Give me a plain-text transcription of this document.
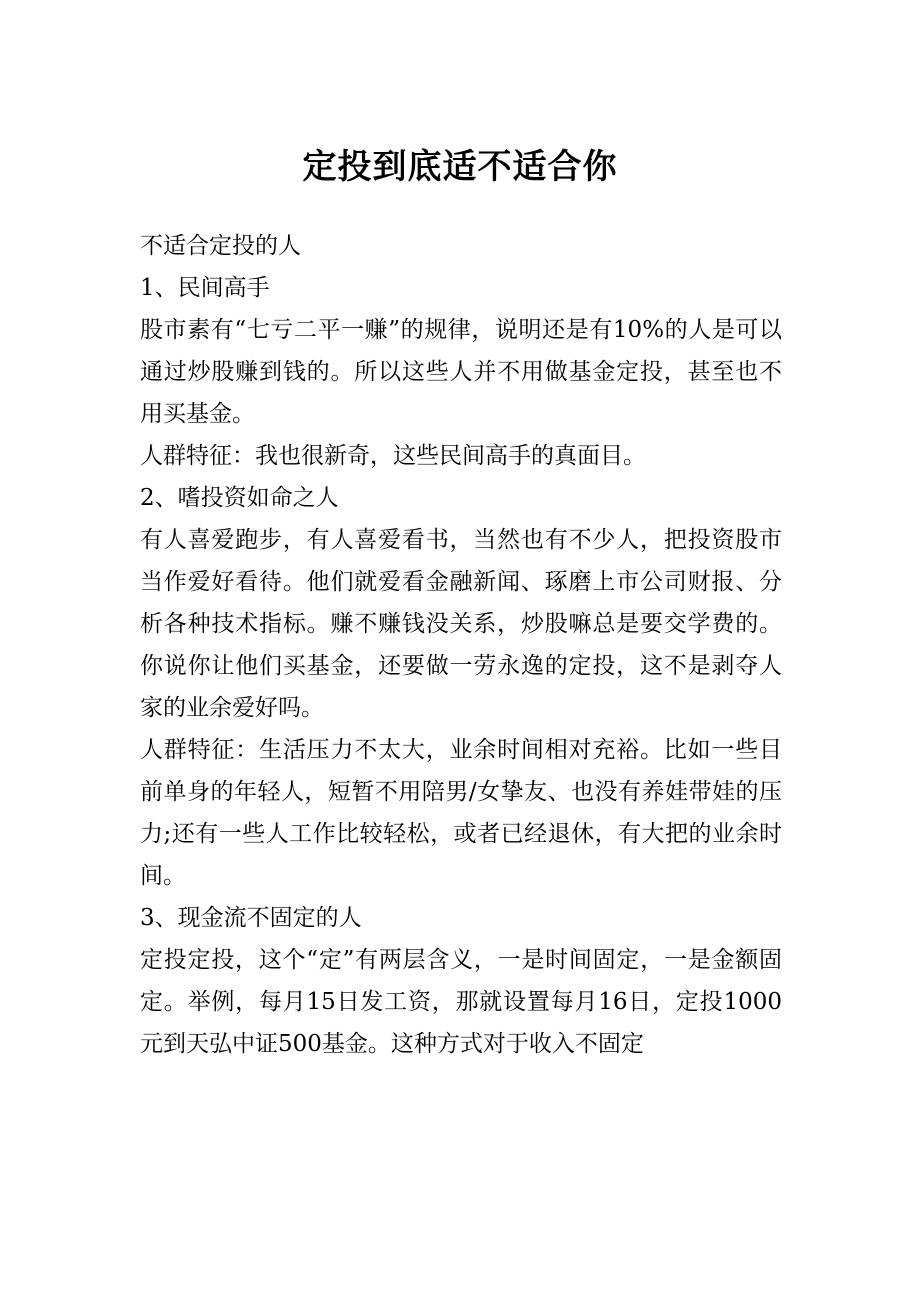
定投到底适不适合你

不适合定投的人

1、民间高手

股市素有“七亏二平一赚”的规律，说明还是有10%的人是可以通过炒股赚到钱的。所以这些人并不用做基金定投，甚至也不用买基金。

人群特征：我也很新奇，这些民间高手的真面目。

2、嗜投资如命之人

有人喜爱跑步，有人喜爱看书，当然也有不少人，把投资股市当作爱好看待。他们就爱看金融新闻、琢磨上市公司财报、分析各种技术指标。赚不赚钱没关系，炒股嘛总是要交学费的。你说你让他们买基金，还要做一劳永逸的定投，这不是剥夺人家的业余爱好吗。

人群特征：生活压力不太大，业余时间相对充裕。比如一些目前单身的年轻人，短暂不用陪男/女挚友、也没有养娃带娃的压力;还有一些人工作比较轻松，或者已经退休，有大把的业余时间。

3、现金流不固定的人

定投定投，这个“定”有两层含义，一是时间固定，一是金额固定。举例，每月15日发工资，那就设置每月16日，定投1000元到天弘中证500基金。这种方式对于收入不固定
